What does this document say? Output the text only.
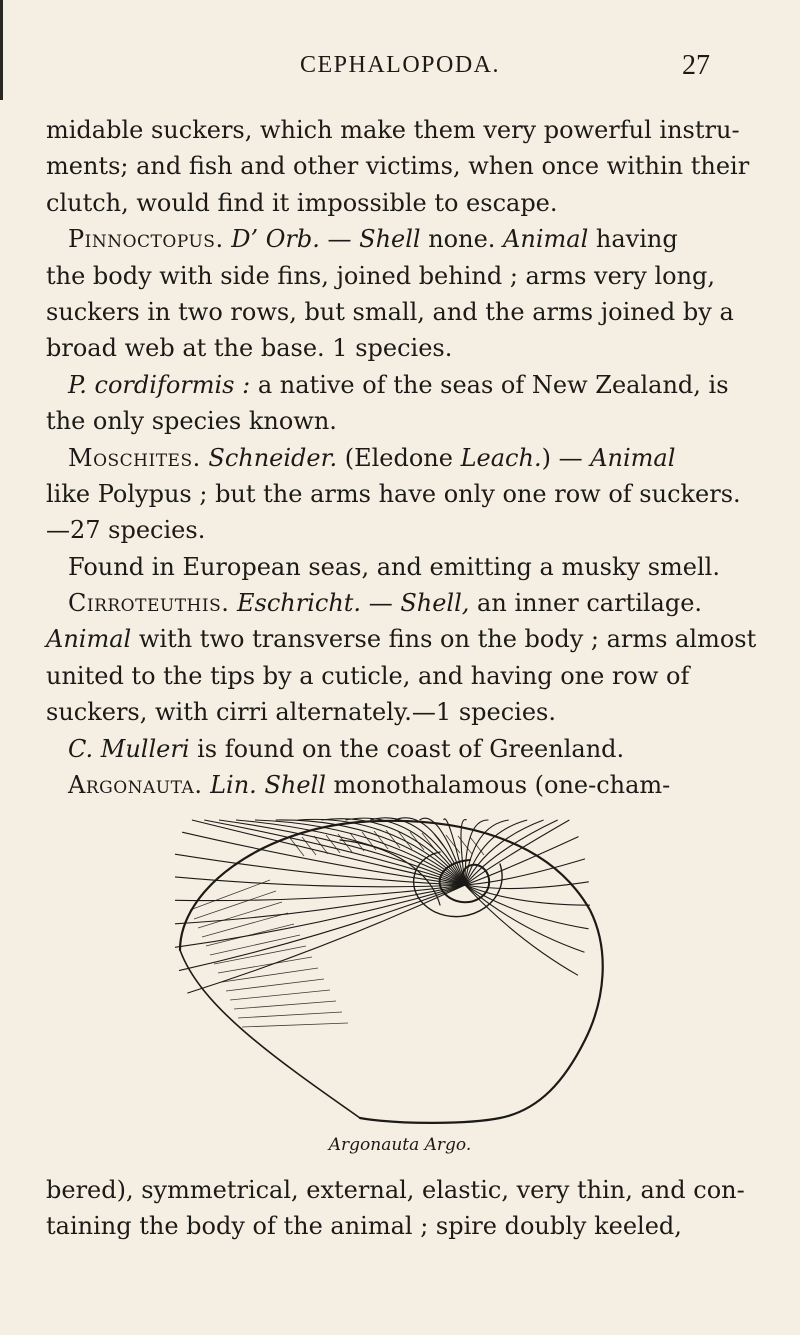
CEPHALOPODA.	27
midable suckers, which make them very powerful instru-
ments; and fish and other victims, when once within their
clutch, would find it impossible to escape.
Pinnoctopus. D’ Orb. — Shell none. Animal having
the body with side fins, joined behind ; arms very long,
suckers in two rows, but small, and the arms joined by a
broad web at the base. 1 species.
P. cordiformis : a native of the seas of New Zealand, is
the only species known.
Moschites. Schneider. (Eledone Leach.) — Animal
like Polypus ; but the arms have only one row of suckers.
—27 species.
Found in European seas, and emitting a musky smell.
Cirroteuthis. Eschricht. — Shell, an inner cartilage.
Animal with two transverse fins on the body ; arms almost
united to the tips by a cuticle, and having one row of
suckers, with cirri alternately.—1 species.
C. Mulleri is found on the coast of Greenland.
Argonauta. Lin. Shell monothalamous (one-cham-
Argonauta Argo.
bered), symmetrical, external, elastic, very thin, and con-
taining the body of the animal ; spire doubly keeled,
